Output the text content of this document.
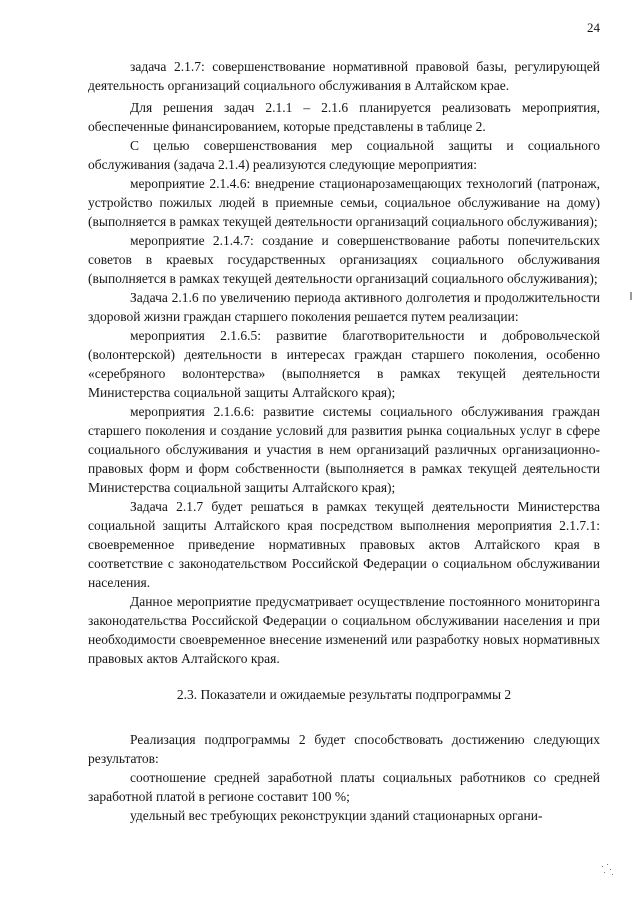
24

задача 2.1.7: совершенствование нормативной правовой базы, регулирующей деятельность организаций социального обслуживания в Алтайском крае.

Для решения задач 2.1.1 – 2.1.6 планируется реализовать мероприятия, обеспеченные финансированием, которые представлены в таблице 2.

С целью совершенствования мер социальной защиты и социального обслуживания (задача 2.1.4) реализуются следующие мероприятия:

мероприятие 2.1.4.6: внедрение стационарозамещающих технологий (патронаж, устройство пожилых людей в приемные семьи, социальное обслуживание на дому) (выполняется в рамках текущей деятельности организаций социального обслуживания);

мероприятие 2.1.4.7: создание и совершенствование работы попечительских советов в краевых государственных организациях социального обслуживания (выполняется в рамках текущей деятельности организаций социального обслуживания);

Задача 2.1.6 по увеличению периода активного долголетия и продолжительности здоровой жизни граждан старшего поколения решается путем реализации:

мероприятия 2.1.6.5: развитие благотворительности и добровольческой (волонтерской) деятельности в интересах граждан старшего поколения, особенно «серебряного волонтерства» (выполняется в рамках текущей деятельности Министерства социальной защиты Алтайского края);

мероприятия 2.1.6.6: развитие системы социального обслуживания граждан старшего поколения и создание условий для развития рынка социальных услуг в сфере социального обслуживания и участия в нем организаций различных организационно-правовых форм и форм собственности (выполняется в рамках текущей деятельности Министерства социальной защиты Алтайского края);

Задача 2.1.7 будет решаться в рамках текущей деятельности Министерства социальной защиты Алтайского края посредством выполнения мероприятия 2.1.7.1: своевременное приведение нормативных правовых актов Алтайского края в соответствие с законодательством Российской Федерации о социальном обслуживании населения.

Данное мероприятие предусматривает осуществление постоянного мониторинга законодательства Российской Федерации о социальном обслуживании населения и при необходимости своевременное внесение изменений или разработку новых нормативных правовых актов Алтайского края.

2.3. Показатели и ожидаемые результаты подпрограммы 2

Реализация подпрограммы 2 будет способствовать достижению следующих результатов:

соотношение средней заработной платы социальных работников со средней заработной платой в регионе составит 100 %;

удельный вес требующих реконструкции зданий стационарных органи-
